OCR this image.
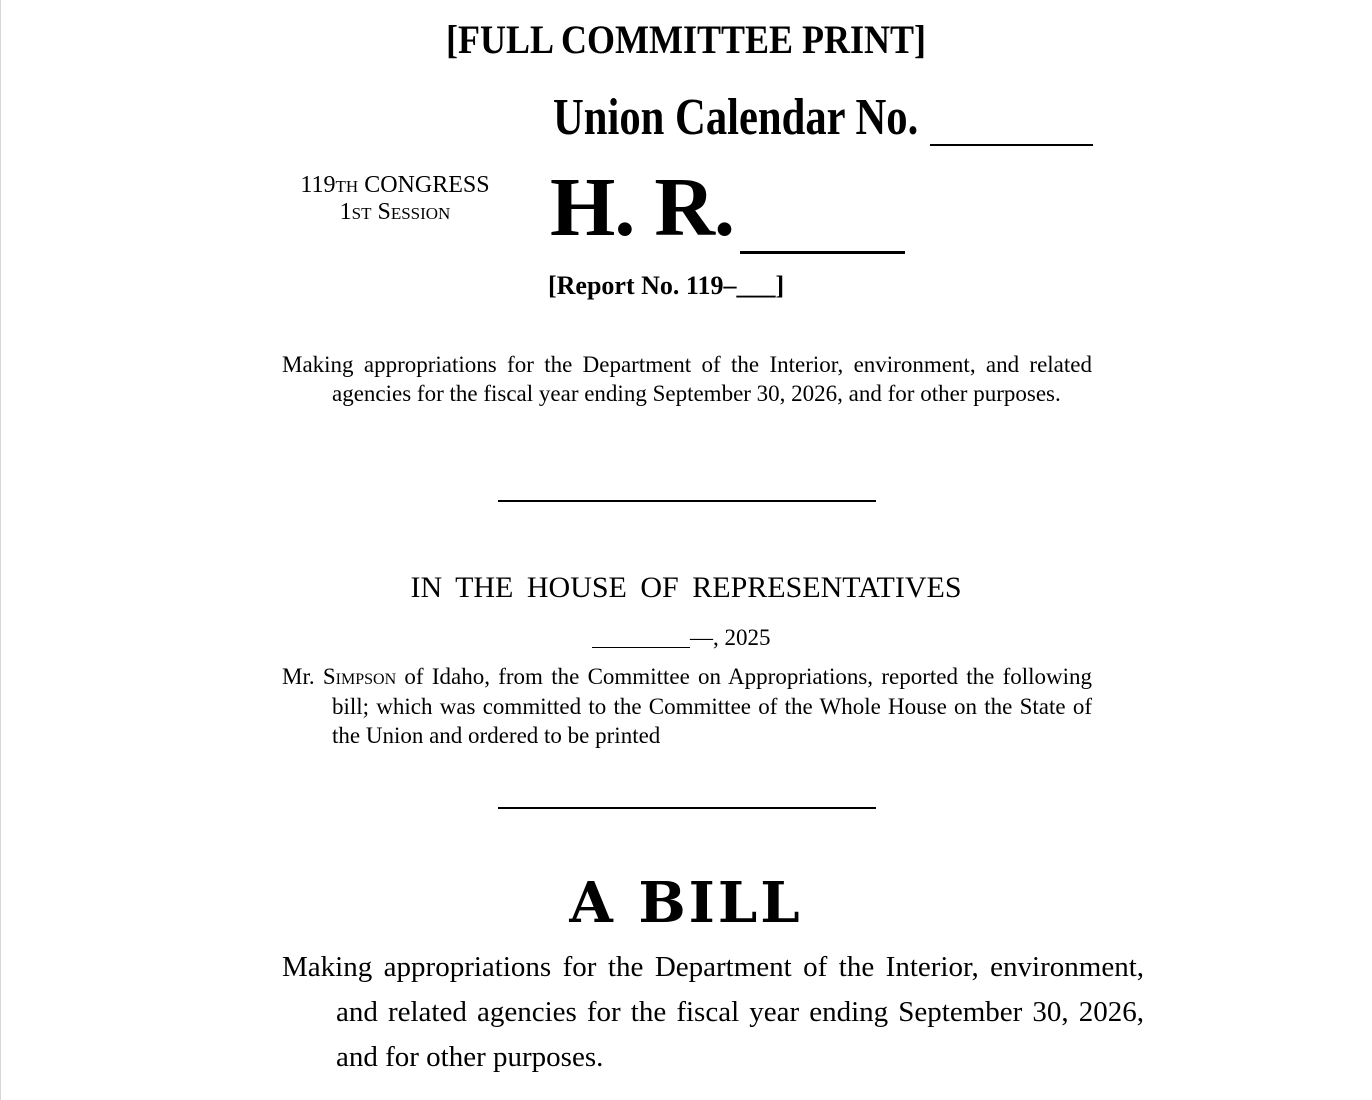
[FULL COMMITTEE PRINT]
Union Calendar No.
119th CONGRESS
1st Session	H. R.
[Report No. 119–___]
Making appropriations for the Department of the Interior, environment, and related agencies for the fiscal year ending September 30, 2026, and for other purposes.
IN THE HOUSE OF REPRESENTATIVES
—, 2025
Mr. Simpson of Idaho, from the Committee on Appropriations, reported the following bill; which was committed to the Committee of the Whole House on the State of the Union and ordered to be printed
A BILL
Making appropriations for the Department of the Interior, environment, and related agencies for the fiscal year ending September 30, 2026, and for other purposes.
